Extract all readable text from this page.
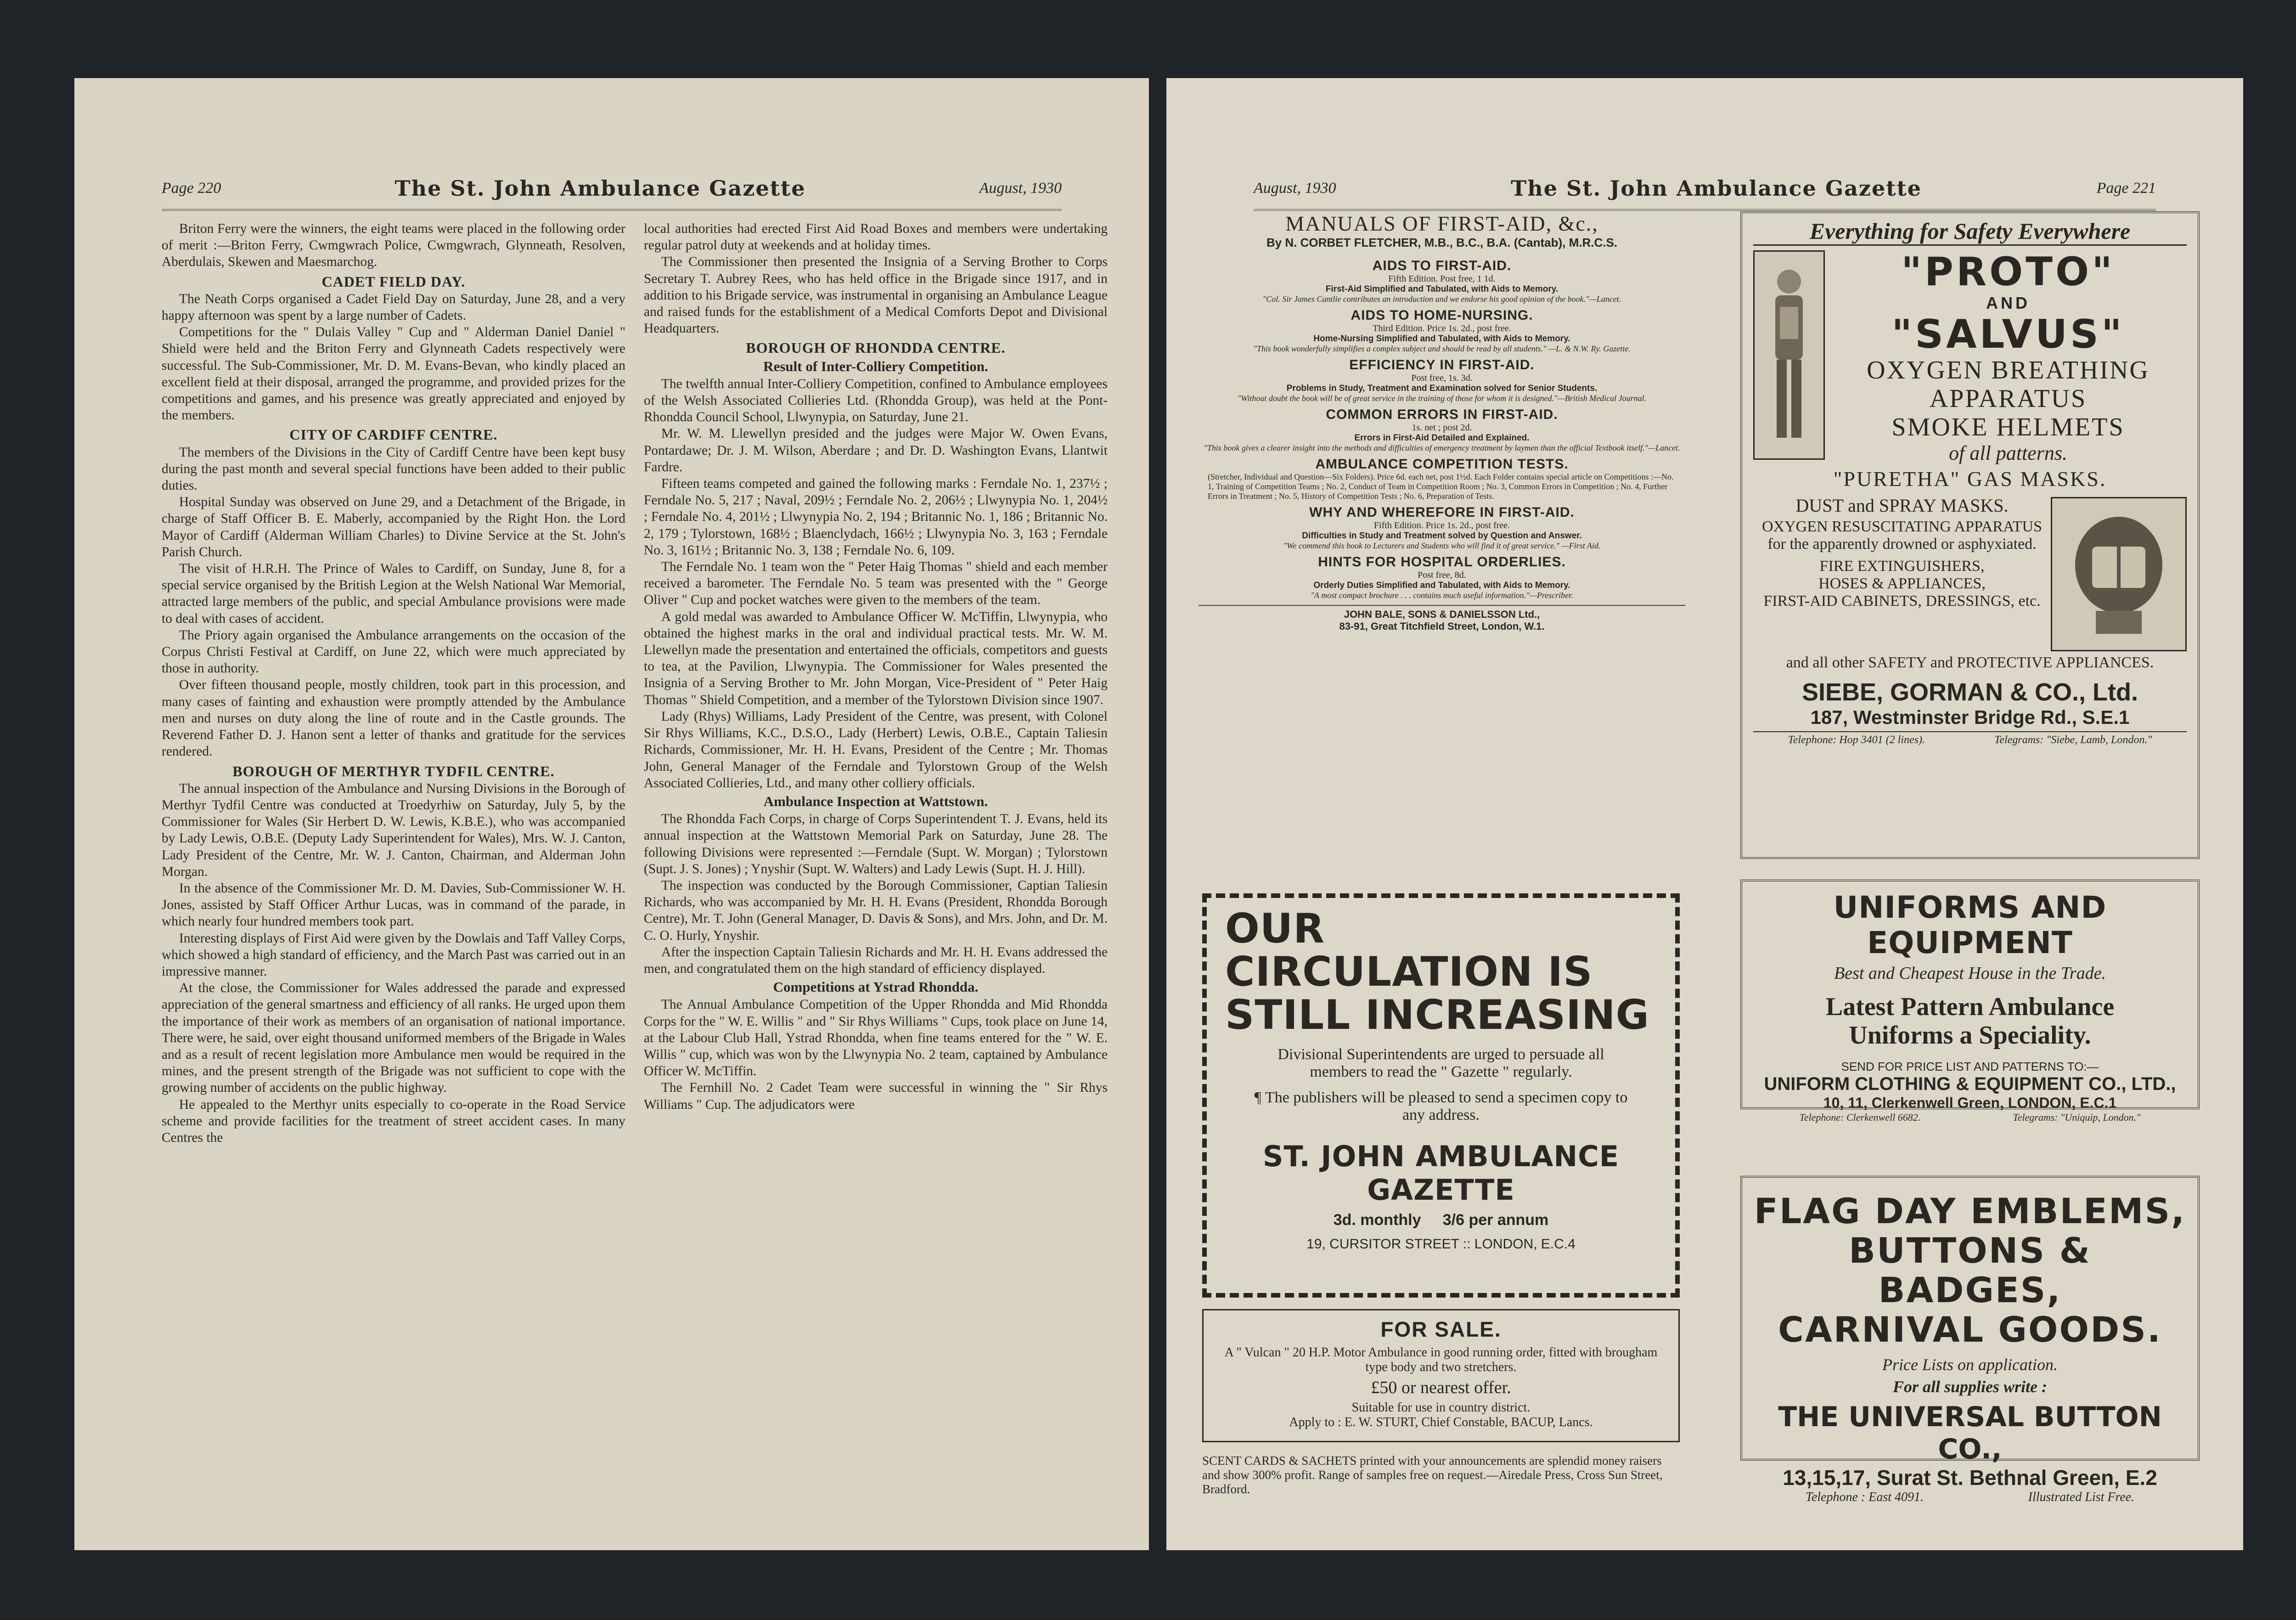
Page 220	The St. John Ambulance Gazette	August, 1930

Briton Ferry were the winners, the eight teams were placed in the following order of merit :—Briton Ferry, Cwmgwrach Police, Cwmgwrach, Glynneath, Resolven, Aberdulais, Skewen and Maesmarchog.

CADET FIELD DAY.

The Neath Corps organised a Cadet Field Day on Saturday, June 28, and a very happy afternoon was spent by a large number of Cadets.

Competitions for the " Dulais Valley " Cup and " Alderman Daniel Daniel " Shield were held and the Briton Ferry and Glynneath Cadets respectively were successful. The Sub-Commissioner, Mr. D. M. Evans-Bevan, who kindly placed an excellent field at their disposal, arranged the programme, and provided prizes for the competitions and games, and his presence was greatly appreciated and enjoyed by the members.

CITY OF CARDIFF CENTRE.

The members of the Divisions in the City of Cardiff Centre have been kept busy during the past month and several special functions have been added to their public duties.

Hospital Sunday was observed on June 29, and a Detachment of the Brigade, in charge of Staff Officer B. E. Maberly, accompanied by the Right Hon. the Lord Mayor of Cardiff (Alderman William Charles) to Divine Service at the St. John's Parish Church.

The visit of H.R.H. The Prince of Wales to Cardiff, on Sunday, June 8, for a special service organised by the British Legion at the Welsh National War Memorial, attracted large members of the public, and special Ambulance provisions were made to deal with cases of accident.

The Priory again organised the Ambulance arrangements on the occasion of the Corpus Christi Festival at Cardiff, on June 22, which were much appreciated by those in authority.

Over fifteen thousand people, mostly children, took part in this procession, and many cases of fainting and exhaustion were promptly attended by the Ambulance men and nurses on duty along the line of route and in the Castle grounds. The Reverend Father D. J. Hanon sent a letter of thanks and gratitude for the services rendered.

BOROUGH OF MERTHYR TYDFIL CENTRE.

The annual inspection of the Ambulance and Nursing Divisions in the Borough of Merthyr Tydfil Centre was conducted at Troedyrhiw on Saturday, July 5, by the Commissioner for Wales (Sir Herbert D. W. Lewis, K.B.E.), who was accompanied by Lady Lewis, O.B.E. (Deputy Lady Superintendent for Wales), Mrs. W. J. Canton, Lady President of the Centre, Mr. W. J. Canton, Chairman, and Alderman John Morgan.

In the absence of the Commissioner Mr. D. M. Davies, Sub-Commissioner W. H. Jones, assisted by Staff Officer Arthur Lucas, was in command of the parade, in which nearly four hundred members took part.

Interesting displays of First Aid were given by the Dowlais and Taff Valley Corps, which showed a high standard of efficiency, and the March Past was carried out in an impressive manner.

At the close, the Commissioner for Wales addressed the parade and expressed appreciation of the general smartness and efficiency of all ranks. He urged upon them the importance of their work as members of an organisation of national importance. There were, he said, over eight thousand uniformed members of the Brigade in Wales and as a result of recent legislation more Ambulance men would be required in the mines, and the present strength of the Brigade was not sufficient to cope with the growing number of accidents on the public highway.

He appealed to the Merthyr units especially to co-operate in the Road Service scheme and provide facilities for the treatment of street accident cases. In many Centres the

local authorities had erected First Aid Road Boxes and members were undertaking regular patrol duty at weekends and at holiday times.

The Commissioner then presented the Insignia of a Serving Brother to Corps Secretary T. Aubrey Rees, who has held office in the Brigade since 1917, and in addition to his Brigade service, was instrumental in organising an Ambulance League and raised funds for the establishment of a Medical Comforts Depot and Divisional Headquarters.

BOROUGH OF RHONDDA CENTRE.
Result of Inter-Colliery Competition.

The twelfth annual Inter-Colliery Competition, confined to Ambulance employees of the Welsh Associated Collieries Ltd. (Rhondda Group), was held at the Pont-Rhondda Council School, Llwynypia, on Saturday, June 21.

Mr. W. M. Llewellyn presided and the judges were Major W. Owen Evans, Pontardawe; Dr. J. M. Wilson, Aberdare ; and Dr. D. Washington Evans, Llantwit Fardre.

Fifteen teams competed and gained the following marks : Ferndale No. 1, 237½ ; Ferndale No. 5, 217 ; Naval, 209½ ; Ferndale No. 2, 206½ ; Llwynypia No. 1, 204½ ; Ferndale No. 4, 201½ ; Llwynypia No. 2, 194 ; Britannic No. 1, 186 ; Britannic No. 2, 179 ; Tylorstown, 168½ ; Blaenclydach, 166½ ; Llwynypia No. 3, 163 ; Ferndale No. 3, 161½ ; Britannic No. 3, 138 ; Ferndale No. 6, 109.

The Ferndale No. 1 team won the " Peter Haig Thomas " shield and each member received a barometer. The Ferndale No. 5 team was presented with the " George Oliver " Cup and pocket watches were given to the members of the team.

A gold medal was awarded to Ambulance Officer W. McTiffin, Llwynypia, who obtained the highest marks in the oral and individual practical tests. Mr. W. M. Llewellyn made the presentation and entertained the officials, competitors and guests to tea, at the Pavilion, Llwynypia. The Commissioner for Wales presented the Insignia of a Serving Brother to Mr. John Morgan, Vice-President of " Peter Haig Thomas " Shield Competition, and a member of the Tylorstown Division since 1907.

Lady (Rhys) Williams, Lady President of the Centre, was present, with Colonel Sir Rhys Williams, K.C., D.S.O., Lady (Herbert) Lewis, O.B.E., Captain Taliesin Richards, Commissioner, Mr. H. H. Evans, President of the Centre ; Mr. Thomas John, General Manager of the Ferndale and Tylorstown Group of the Welsh Associated Collieries, Ltd., and many other colliery officials.

Ambulance Inspection at Wattstown.

The Rhondda Fach Corps, in charge of Corps Superintendent T. J. Evans, held its annual inspection at the Wattstown Memorial Park on Saturday, June 28. The following Divisions were represented :—Ferndale (Supt. W. Morgan) ; Tylorstown (Supt. J. S. Jones) ; Ynyshir (Supt. W. Walters) and Lady Lewis (Supt. H. J. Hill).

The inspection was conducted by the Borough Commissioner, Captian Taliesin Richards, who was accompanied by Mr. H. H. Evans (President, Rhondda Borough Centre), Mr. T. John (General Manager, D. Davis & Sons), and Mrs. John, and Dr. M. C. O. Hurly, Ynyshir.

After the inspection Captain Taliesin Richards and Mr. H. H. Evans addressed the men, and congratulated them on the high standard of efficiency displayed.

Competitions at Ystrad Rhondda.

The Annual Ambulance Competition of the Upper Rhondda and Mid Rhondda Corps for the " W. E. Willis " and " Sir Rhys Williams " Cups, took place on June 14, at the Labour Club Hall, Ystrad Rhondda, when fine teams entered for the " W. E. Willis " cup, which was won by the Llwynypia No. 2 team, captained by Ambulance Officer W. McTiffin.

The Fernhill No. 2 Cadet Team were successful in winning the " Sir Rhys Williams " Cup. The adjudicators were

August, 1930	The St. John Ambulance Gazette	Page 221
MANUALS OF FIRST-AID, &c.,
By N. CORBET FLETCHER, M.B., B.C., B.A. (Cantab), M.R.C.S.
AIDS TO FIRST-AID.
Fifth Edition. Post free, 1 1d.
First-Aid Simplified and Tabulated, with Aids to Memory.
"Col. Sir James Cantlie contributes an introduction and we endorse his good opinion of the book."—Lancet.
AIDS TO HOME-NURSING.
Third Edition. Price 1s. 2d., post free.
Home-Nursing Simplified and Tabulated, with Aids to Memory.
"This book wonderfully simplifies a complex subject and should be read by all students." —L. & N.W. Ry. Gazette.
EFFICIENCY IN FIRST-AID.
Post free, 1s. 3d.
Problems in Study, Treatment and Examination solved for Senior Students.
"Without doubt the book will be of great service in the training of those for whom it is designed."—British Medical Journal.
COMMON ERRORS IN FIRST-AID.
1s. net ; post 2d.
Errors in First-Aid Detailed and Explained.
"This book gives a clearer insight into the methods and difficulties of emergency treatment by laymen than the official Textbook itself."—Lancet.
AMBULANCE COMPETITION TESTS.
(Stretcher, Individual and Question—Six Folders). Price 6d. each net, post 1½d. Each Folder contains special article on Competitions :—No. 1, Training of Competition Teams ; No. 2, Conduct of Team in Competition Room ; No. 3, Common Errors in Competition ; No. 4, Further Errors in Treatment ; No. 5, History of Competition Tests ; No. 6, Preparation of Tests.
WHY AND WHEREFORE IN FIRST-AID.
Fifth Edition. Price 1s. 2d., post free.
Difficulties in Study and Treatment solved by Question and Answer.
"We commend this book to Lecturers and Students who will find it of great service." —First Aid.
HINTS FOR HOSPITAL ORDERLIES.
Post free, 8d.
Orderly Duties Simplified and Tabulated, with Aids to Memory.
"A most compact brochure . . . contains much useful information."—Prescriber.
JOHN BALE, SONS & DANIELSSON Ltd.,
83-91, Great Titchfield Street, London, W.1.
OUR
CIRCULATION IS
STILL INCREASING

Divisional Superintendents are urged to persuade all members to read the " Gazette " regularly.

¶ The publishers will be pleased to send a specimen copy to any address.

ST. JOHN AMBULANCE GAZETTE
3d. monthly     3/6 per annum
19, CURSITOR STREET :: LONDON, E.C.4
FOR SALE.
A " Vulcan " 20 H.P. Motor Ambulance in good running order, fitted with brougham type body and two stretchers.
£50 or nearest offer.
Suitable for use in country district.
Apply to : E. W. STURT, Chief Constable, BACUP, Lancs.
SCENT CARDS & SACHETS printed with your announcements are splendid money raisers and show 300% profit. Range of samples free on request.—Airedale Press, Cross Sun Street, Bradford.
Everything for Safety Everywhere
"PROTO"
AND
"SALVUS"
OXYGEN BREATHING
APPARATUS
SMOKE HELMETS
of all patterns.
"PURETHA" GAS MASKS.
DUST and SPRAY MASKS.
OXYGEN RESUSCITATING APPARATUS for the apparently drowned or asphyxiated.
FIRE EXTINGUISHERS,
HOSES & APPLIANCES,
FIRST-AID CABINETS, DRESSINGS, etc.
and all other SAFETY and PROTECTIVE APPLIANCES.
SIEBE, GORMAN & CO., Ltd.
187, Westminster Bridge Rd., S.E.1
Telephone: Hop 3401 (2 lines).	Telegrams: "Siebe, Lamb, London."
UNIFORMS AND EQUIPMENT
Best and Cheapest House in the Trade.
Latest Pattern Ambulance
Uniforms a Speciality.
SEND FOR PRICE LIST AND PATTERNS TO:—
UNIFORM CLOTHING & EQUIPMENT CO., LTD.,
10, 11, Clerkenwell Green, LONDON, E.C.1
Telephone: Clerkenwell 6682.	Telegrams: "Uniquip, London."
FLAG DAY EMBLEMS,
BUTTONS & BADGES,
CARNIVAL GOODS.
Price Lists on application.
For all supplies write :
THE UNIVERSAL BUTTON CO.,
13,15,17, Surat St. Bethnal Green, E.2
Telephone : East 4091.	Illustrated List Free.
